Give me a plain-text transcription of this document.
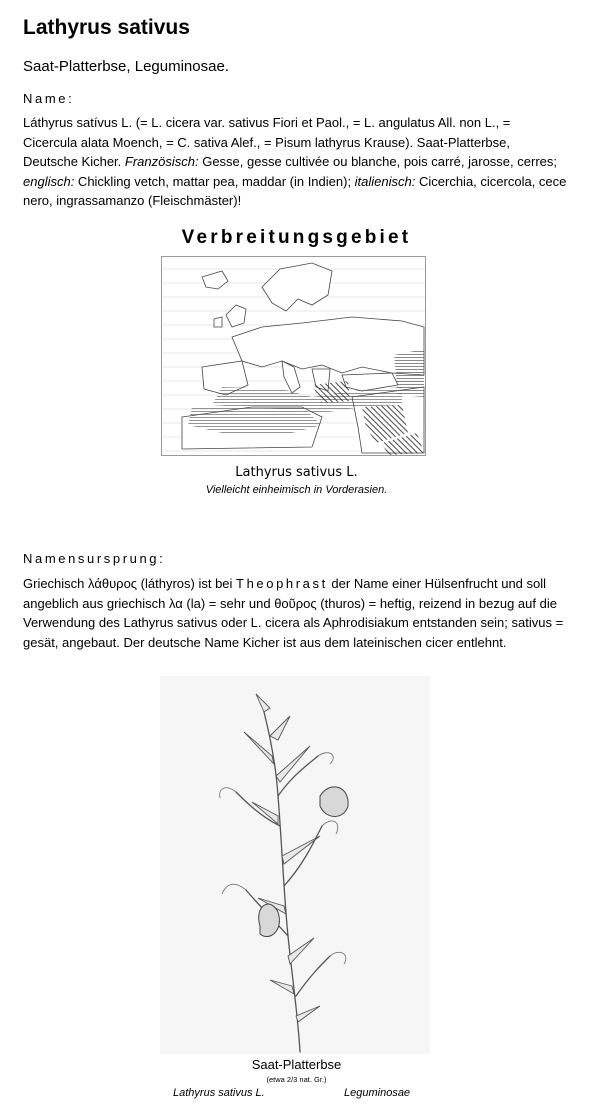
Lathyrus sativus
Saat-Platterbse, Leguminosae.
Name:
Láthyrus satívus L. (= L. cicera var. sativus Fiori et Paol., = L. angulatus All. non L., = Cicercula alata Moench, = C. sativa Alef., = Pisum lathyrus Krause). Saat-Platterbse, Deutsche Kicher. Französisch: Gesse, gesse cultivée ou blanche, pois carré, jarosse, cerres; englisch: Chickling vetch, mattar pea, maddar (in Indien); italienisch: Cicerchia, cicercola, cece nero, ingrassamanzo (Fleischmäster)!
Verbreitungsgebiet
Lathyrus sativus L.
Vielleicht einheimisch in Vorderasien.
Namensursprung:
Griechisch λάθυρος (láthyros) ist bei Theophrast der Name einer Hülsenfrucht und soll angeblich aus griechisch λα (la) = sehr und θοῦρος (thuros) = heftig, reizend in bezug auf die Verwendung des Lathyrus sativus oder L. cicera als Aphrodisiakum entstanden sein; sativus = gesät, angebaut. Der deutsche Name Kicher ist aus dem lateinischen cicer entlehnt.
Saat-Platterbse
(etwa 2/3 nat. Gr.)
Lathyrus sativus L.	Leguminosae
